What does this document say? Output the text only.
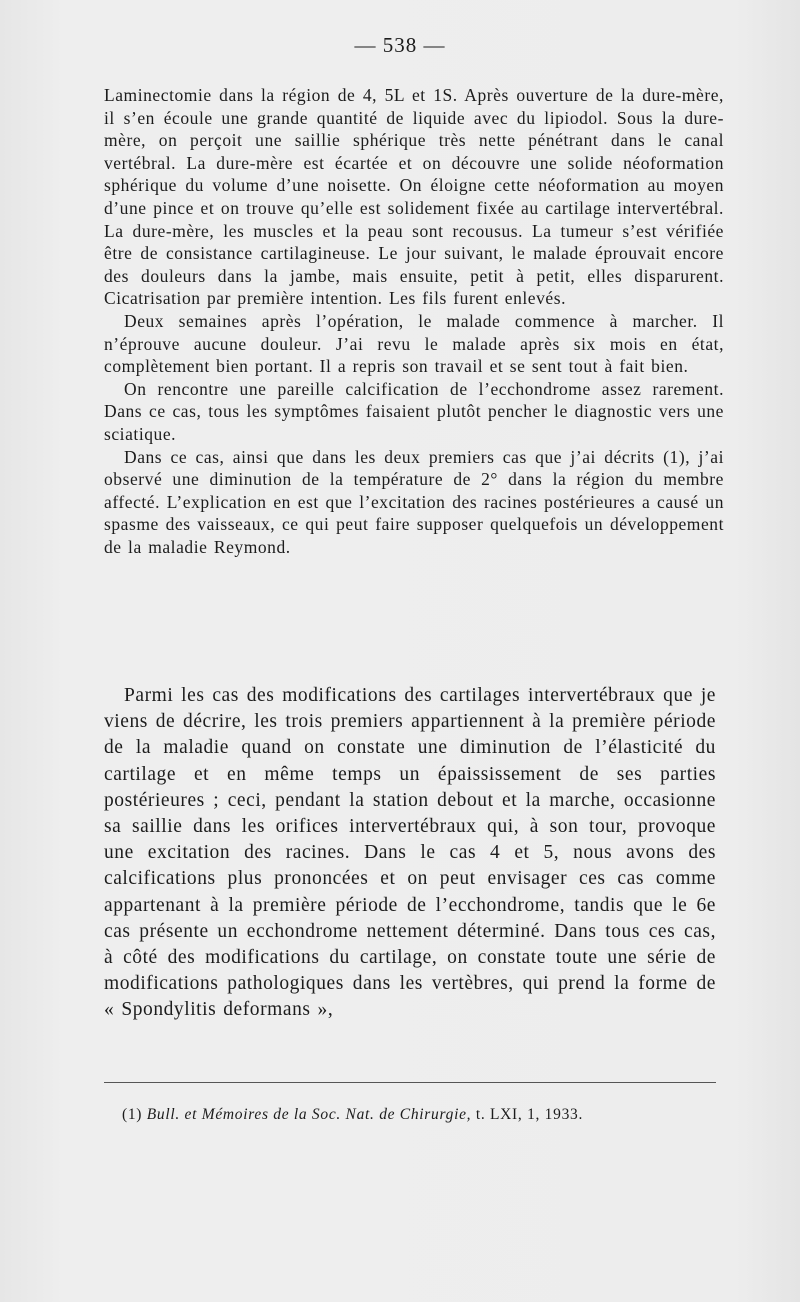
— 538 —

Laminectomie dans la région de 4, 5L et 1S. Après ouverture de la dure-mère, il s’en écoule une grande quantité de liquide avec du lipiodol. Sous la dure-mère, on perçoit une saillie sphérique très nette pénétrant dans le canal vertébral. La dure-mère est écartée et on découvre une solide néoformation sphérique du volume d’une noisette. On éloigne cette néoformation au moyen d’une pince et on trouve qu’elle est solidement fixée au cartilage intervertébral. La dure-mère, les muscles et la peau sont recousus. La tumeur s’est vérifiée être de consistance cartilagineuse. Le jour suivant, le malade éprouvait encore des douleurs dans la jambe, mais ensuite, petit à petit, elles disparurent. Cicatrisation par première intention. Les fils furent enlevés.

Deux semaines après l’opération, le malade commence à marcher. Il n’éprouve aucune douleur. J’ai revu le malade après six mois en état, complètement bien portant. Il a repris son travail et se sent tout à fait bien.

On rencontre une pareille calcification de l’ecchondrome assez rarement. Dans ce cas, tous les symptômes faisaient plutôt pencher le diagnostic vers une sciatique.

Dans ce cas, ainsi que dans les deux premiers cas que j’ai décrits (1), j’ai observé une diminution de la température de 2° dans la région du membre affecté. L’explication en est que l’excitation des racines postérieures a causé un spasme des vaisseaux, ce qui peut faire supposer quelquefois un développement de la maladie Reymond.

Parmi les cas des modifications des cartilages intervertébraux que je viens de décrire, les trois premiers appartiennent à la première période de la maladie quand on constate une diminution de l’élasticité du cartilage et en même temps un épaississement de ses parties postérieures ; ceci, pendant la station debout et la marche, occasionne sa saillie dans les orifices intervertébraux qui, à son tour, provoque une excitation des racines. Dans le cas 4 et 5, nous avons des calcifications plus prononcées et on peut envisager ces cas comme appartenant à la première période de l’ecchondrome, tandis que le 6e cas présente un ecchondrome nettement déterminé. Dans tous ces cas, à côté des modifications du cartilage, on constate toute une série de modifications pathologiques dans les vertèbres, qui prend la forme de « Spondylitis deformans »,

(1) Bull. et Mémoires de la Soc. Nat. de Chirurgie, t. LXI, 1, 1933.
